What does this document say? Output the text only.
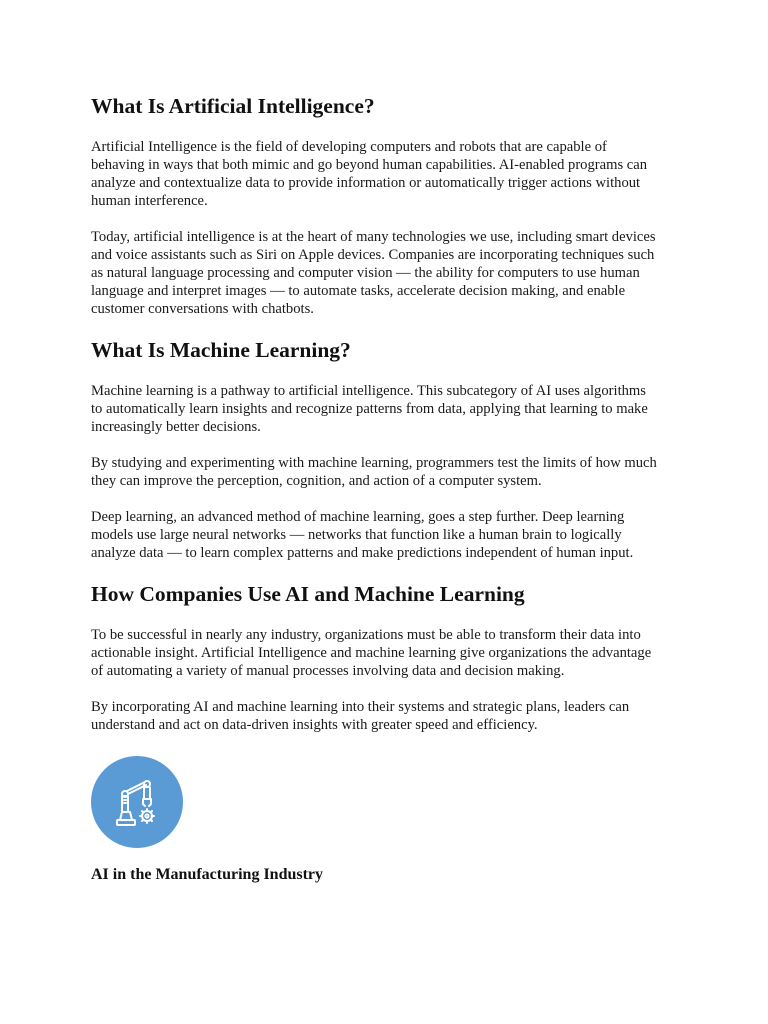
What Is Artificial Intelligence?

Artificial Intelligence is the field of developing computers and robots that are capable of
behaving in ways that both mimic and go beyond human capabilities. AI-enabled programs can
analyze and contextualize data to provide information or automatically trigger actions without
human interference.

Today, artificial intelligence is at the heart of many technologies we use, including smart devices
and voice assistants such as Siri on Apple devices. Companies are incorporating techniques such
as natural language processing and computer vision — the ability for computers to use human
language and interpret images — to automate tasks, accelerate decision making, and enable
customer conversations with chatbots.

What Is Machine Learning?

Machine learning is a pathway to artificial intelligence. This subcategory of AI uses algorithms
to automatically learn insights and recognize patterns from data, applying that learning to make
increasingly better decisions.

By studying and experimenting with machine learning, programmers test the limits of how much
they can improve the perception, cognition, and action of a computer system.

Deep learning, an advanced method of machine learning, goes a step further. Deep learning
models use large neural networks — networks that function like a human brain to logically
analyze data — to learn complex patterns and make predictions independent of human input.

How Companies Use AI and Machine Learning

To be successful in nearly any industry, organizations must be able to transform their data into
actionable insight. Artificial Intelligence and machine learning give organizations the advantage
of automating a variety of manual processes involving data and decision making.

By incorporating AI and machine learning into their systems and strategic plans, leaders can
understand and act on data-driven insights with greater speed and efficiency.

AI in the Manufacturing Industry
